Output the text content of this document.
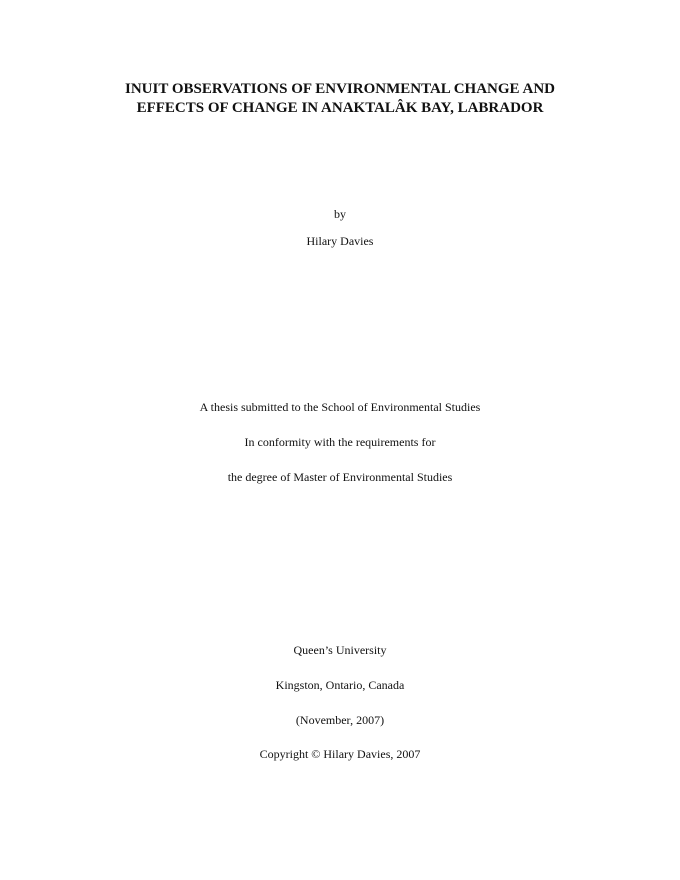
INUIT OBSERVATIONS OF ENVIRONMENTAL CHANGE AND
EFFECTS OF CHANGE IN ANAKTALÂK BAY, LABRADOR
by
Hilary Davies
A thesis submitted to the School of Environmental Studies
In conformity with the requirements for
the degree of Master of Environmental Studies
Queen’s University
Kingston, Ontario, Canada
(November, 2007)
Copyright © Hilary Davies, 2007
